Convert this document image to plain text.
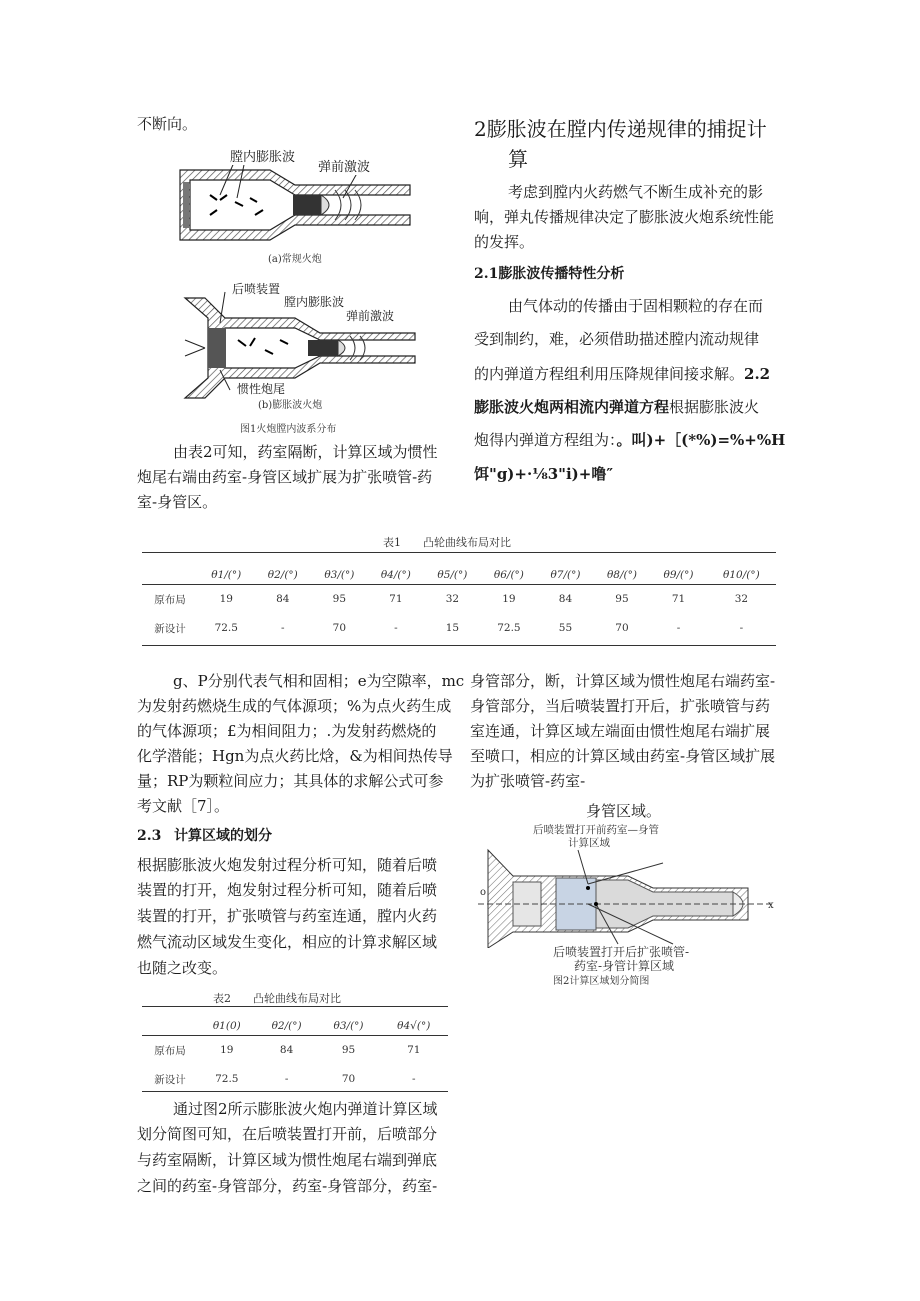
不断向。
膛内膨胀波
弹前激波
(a)常规火炮
后喷装置
膛内膨胀波
弹前激波
惯性炮尾
(b)膨胀波火炮
图1火炮膛内波系分布
由表2可知，药室隔断，计算区域为惯性
炮尾右端由药室-身管区域扩展为扩张喷管-药
室-身管区。
2膨胀波在膛内传递规律的捕捉计
算
考虑到膛内火药燃气不断生成补充的影
响，弹丸传播规律决定了膨胀波火炮系统性能
的发挥。
2.1膨胀波传播特性分析
由气体动的传播由于固相颗粒的存在而
受到制约，难，必须借助描述膛内流动规律
的内弹道方程组利用压降规律间接求解。2.2
膨胀波火炮两相流内弹道方程根据膨胀波火
炮得内弹道方程组为：。叫)+［(*%)=%+%H
饵"g)+·⅛3"i)+噜″
表1　　凸轮曲线布局对比
	θ1/(°)	θ2/(°)	θ3/(°)	θ4/(°)	θ5/(°)	θ6/(°)	θ7/(°)	θ8/(°)	θ9/(°)	θ10/(°)
原布局	19	84	95	71	32	19	84	95	71	32
新设计	72.5	-	70	-	15	72.5	55	70	-	-
g、P分别代表气相和固相；e为空隙率，mc
为发射药燃烧生成的气体源项；%为点火药生成
的气体源项；£为相间阻力；.为发射药燃烧的
化学潜能；Hgn为点火药比焓，&为相间热传导
量；RP为颗粒间应力；其具体的求解公式可参
考文献［7］。
2.3 计算区域的划分
根据膨胀波火炮发射过程分析可知，随着后喷
装置的打开，炮发射过程分析可知，随着后喷
装置的打开，扩张喷管与药室连通，膛内火药
燃气流动区域发生变化，相应的计算求解区域
也随之改变。
表2　　凸轮曲线布局对比
	θ1(0)	θ2/(°)	θ3/(°)	θ4√(°)
原布局	19	84	95	71
新设计	72.5	-	70	-
通过图2所示膨胀波火炮内弹道计算区域
划分简图可知，在后喷装置打开前，后喷部分
与药室隔断，计算区域为惯性炮尾右端到弹底
之间的药室-身管部分，药室-身管部分，药室-
身管部分，断，计算区域为惯性炮尾右端药室-
身管部分，当后喷装置打开后，扩张喷管与药
室连通，计算区域左端面由惯性炮尾右端扩展
至喷口，相应的计算区域由药室-身管区域扩展
为扩张喷管-药室-
身管区域。
后喷装置打开前药室—身管
计算区域
o
x
后喷装置打开后扩张喷管-
药室-身管计算区域
图2计算区域划分简图
